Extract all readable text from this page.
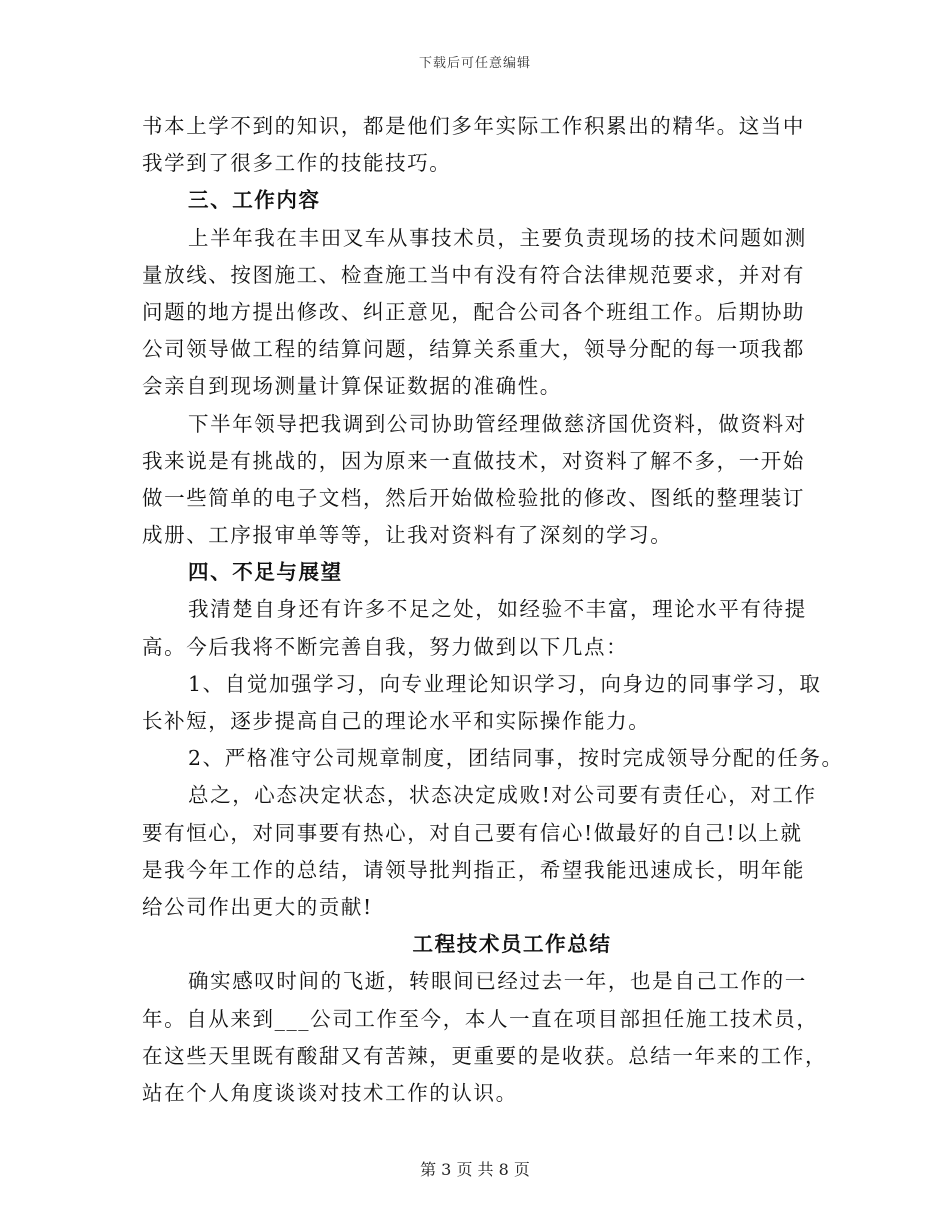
下载后可任意编辑
书本上学不到的知识，都是他们多年实际工作积累出的精华。这当中
我学到了很多工作的技能技巧。
三、工作内容
上半年我在丰田叉车从事技术员，主要负责现场的技术问题如测
量放线、按图施工、检查施工当中有没有符合法律规范要求，并对有
问题的地方提出修改、纠正意见，配合公司各个班组工作。后期协助
公司领导做工程的结算问题，结算关系重大，领导分配的每一项我都
会亲自到现场测量计算保证数据的准确性。
下半年领导把我调到公司协助管经理做慈济国优资料，做资料对
我来说是有挑战的，因为原来一直做技术，对资料了解不多，一开始
做一些简单的电子文档，然后开始做检验批的修改、图纸的整理装订
成册、工序报审单等等，让我对资料有了深刻的学习。
四、不足与展望
我清楚自身还有许多不足之处，如经验不丰富，理论水平有待提
高。今后我将不断完善自我，努力做到以下几点：
1、自觉加强学习，向专业理论知识学习，向身边的同事学习，取
长补短，逐步提高自己的理论水平和实际操作能力。
2、严格准守公司规章制度，团结同事，按时完成领导分配的任务。
总之，心态决定状态，状态决定成败!对公司要有责任心，对工作
要有恒心，对同事要有热心，对自己要有信心!做最好的自己!以上就
是我今年工作的总结，请领导批判指正，希望我能迅速成长，明年能
给公司作出更大的贡献!
工程技术员工作总结
确实感叹时间的飞逝，转眼间已经过去一年，也是自己工作的一
年。自从来到___公司工作至今，本人一直在项目部担任施工技术员，
在这些天里既有酸甜又有苦辣，更重要的是收获。总结一年来的工作，
站在个人角度谈谈对技术工作的认识。
第 3 页 共 8 页
